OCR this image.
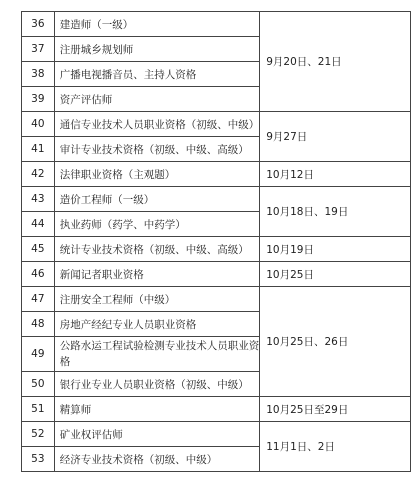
36	建造师（一级）	9月20日、21日
37	注册城乡规划师	
38	广播电视播音员、主持人资格	
39	资产评估师	
40	通信专业技术人员职业资格（初级、中级）	9月27日
41	审计专业技术资格（初级、中级、高级）	
42	法律职业资格（主观题）	10月12日
43	造价工程师（一级）	10月18日、19日
44	执业药师（药学、中药学）	
45	统计专业技术资格（初级、中级、高级）	10月19日
46	新闻记者职业资格	10月25日
47	注册安全工程师（中级）	10月25日、26日
48	房地产经纪专业人员职业资格	
49	公路水运工程试验检测专业技术人员职业资格	
50	银行业专业人员职业资格（初级、中级）	
51	精算师	10月25日至29日
52	矿业权评估师	11月1日、2日
53	经济专业技术资格（初级、中级）	
